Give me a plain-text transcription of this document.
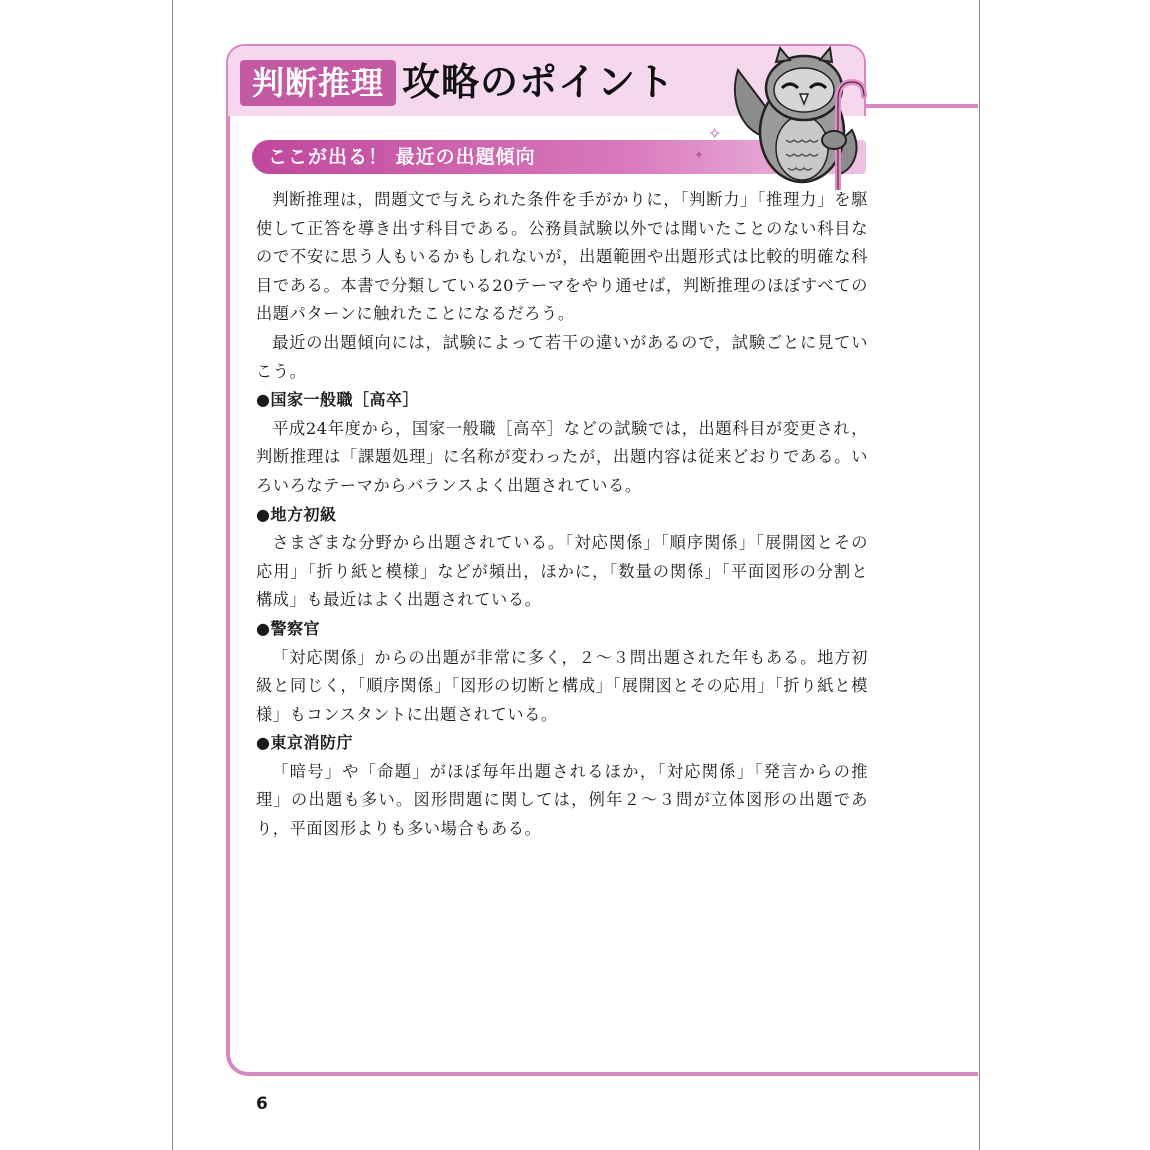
判断推理 攻略のポイント
ここが出る！ 最近の出題傾向
✧
✦

判断推理は，問題文で与えられた条件を手がかりに，「判断力」「推理力」を駆使して正答を導き出す科目である。公務員試験以外では聞いたことのない科目なので不安に思う人もいるかもしれないが，出題範囲や出題形式は比較的明確な科目である。本書で分類している20テーマをやり通せば，判断推理のほぼすべての出題パターンに触れたことになるだろう。

最近の出題傾向には，試験によって若干の違いがあるので，試験ごとに見ていこう。

●国家一般職［高卒］

平成24年度から，国家一般職［高卒］などの試験では，出題科目が変更され，判断推理は「課題処理」に名称が変わったが，出題内容は従来どおりである。いろいろなテーマからバランスよく出題されている。

●地方初級

さまざまな分野から出題されている。「対応関係」「順序関係」「展開図とその応用」「折り紙と模様」などが頻出，ほかに，「数量の関係」「平面図形の分割と構成」も最近はよく出題されている。

●警察官

「対応関係」からの出題が非常に多く，２～３問出題された年もある。地方初級と同じく，「順序関係」「図形の切断と構成」「展開図とその応用」「折り紙と模様」もコンスタントに出題されている。

●東京消防庁

「暗号」や「命題」がほぼ毎年出題されるほか，「対応関係」「発言からの推理」の出題も多い。図形問題に関しては，例年２～３問が立体図形の出題であり，平面図形よりも多い場合もある。

6
